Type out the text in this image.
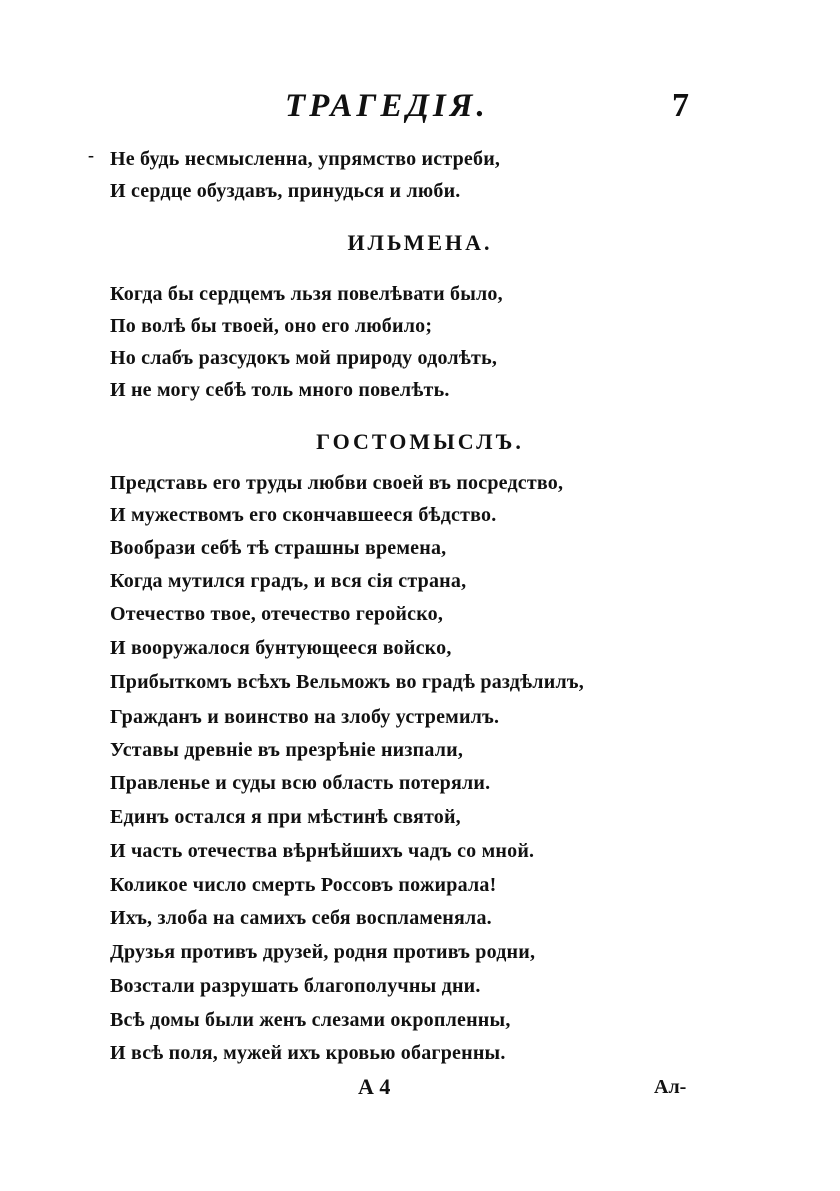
ТРАГЕДІЯ.	7
- Не будь несмысленна, упрямство истреби,
И сердце обуздавъ, принудься и люби.
ИЛЬМЕНА.
Когда бы сердцемъ льзя повелѣвати было,
По волѣ бы твоей, оно его любило;
Но слабъ разсудокъ мой природу одолѣть,
И не могу себѣ толь много повелѣть.
ГОСТОМЫСЛЪ.
Представь его труды любви своей въ посредство,
И мужествомъ его скончавшееся бѣдство.
Вообрази себѣ тѣ страшны времена,
Когда мутился градъ, и вся сія страна,
Отечество твое, отечество геройско,
И вооружалося бунтующееся войско,
Прибыткомъ всѣхъ Вельможъ во градѣ раздѣлилъ,
Гражданъ и воинство на злобу устремилъ.
Уставы древніе въ презрѣніе низпали,
Правленье и суды всю область потеряли.
Единъ остался я при мѣстинѣ святой,
И часть отечества вѣрнѣйшихъ чадъ со мной.
Коликое число смерть Россовъ пожирала!
Ихъ, злоба на самихъ себя воспламеняла.
Друзья противъ друзей, родня противъ родни,
Возстали разрушать благополучны дни.
Всѣ домы были женъ слезами окропленны,
И всѣ поля, мужей ихъ кровью обагренны.
А 4	Ал-
